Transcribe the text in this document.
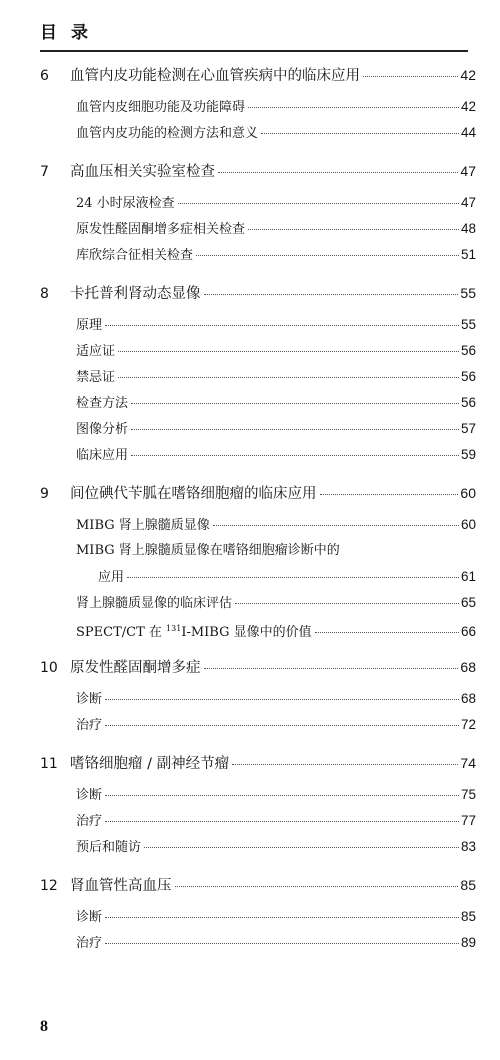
目录
6	血管内皮功能检测在心血管疾病中的临床应用	42
血管内皮细胞功能及功能障碍	42
血管内皮功能的检测方法和意义	44
7	高血压相关实验室检查	47
24 小时尿液检查	47
原发性醛固酮增多症相关检查	48
库欣综合征相关检查	51
8	卡托普利肾动态显像	55
原理	55
适应证	56
禁忌证	56
检查方法	56
图像分析	57
临床应用	59
9	间位碘代苄胍在嗜铬细胞瘤的临床应用	60
MIBG 肾上腺髓质显像	60
MIBG 肾上腺髓质显像在嗜铬细胞瘤诊断中的
应用	61
肾上腺髓质显像的临床评估	65
SPECT/CT 在 $^{131}$I-MIBG 显像中的价值	66
10 原发性醛固酮增多症	68
诊断	68
治疗	72
11 嗜铬细胞瘤 / 副神经节瘤	74
诊断	75
治疗	77
预后和随访	83
12 肾血管性高血压	85
诊断	85
治疗	89
8
